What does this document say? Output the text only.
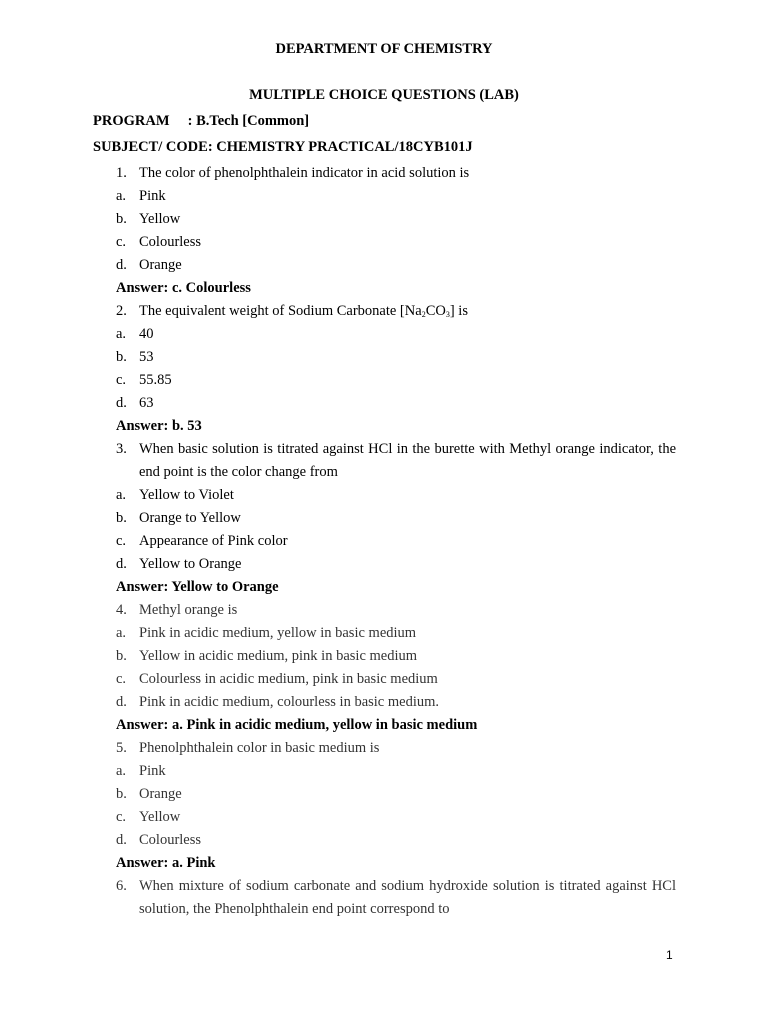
DEPARTMENT OF CHEMISTRY
MULTIPLE CHOICE QUESTIONS (LAB)
PROGRAM     : B.Tech [Common]
SUBJECT/ CODE: CHEMISTRY PRACTICAL/18CYB101J
1. The color of phenolphthalein indicator in acid solution is
a. Pink
b. Yellow
c. Colourless
d. Orange
Answer: c. Colourless
2. The equivalent weight of Sodium Carbonate $[Na_2CO_3]$ is
a. 40
b. 53
c. 55.85
d. 63
Answer: b. 53
3. When basic solution is titrated against HCl in the burette with Methyl orange indicator, the end point is the color change from
a. Yellow to Violet
b. Orange to Yellow
c. Appearance of Pink color
d. Yellow to Orange
Answer: Yellow to Orange
4. Methyl orange is
a. Pink in acidic medium, yellow in basic medium
b. Yellow in acidic medium, pink in basic medium
c. Colourless in acidic medium, pink in basic medium
d. Pink in acidic medium, colourless in basic medium.
Answer: a. Pink in acidic medium, yellow in basic medium
5. Phenolphthalein color in basic medium is
a. Pink
b. Orange
c. Yellow
d. Colourless
Answer: a. Pink
6. When mixture of sodium carbonate and sodium hydroxide solution is titrated against HCl solution, the Phenolphthalein end point correspond to
1
